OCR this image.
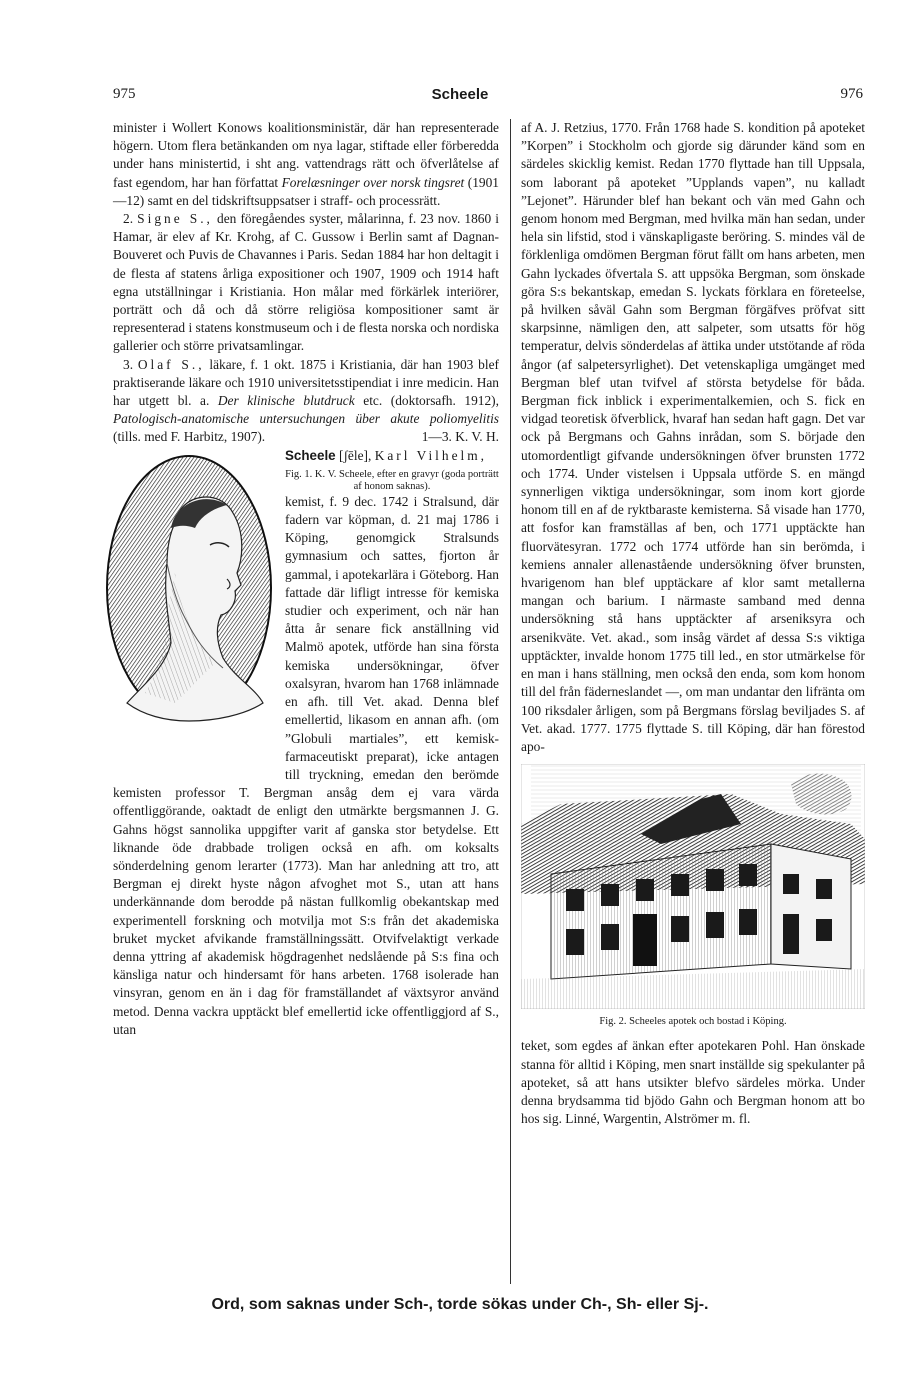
975	Scheele	976

minister i Wollert Konows koalitionsministär, där han representerade högern. Utom flera betänkanden om nya lagar, stiftade eller förberedda under hans ministertid, i sht ang. vattendrags rätt och öfverlåtelse af fast egendom, har han författat Forelæsninger over norsk tingsret (1901—12) samt en del tidskriftsuppsatser i straff- och processrätt.

2. Signe S., den föregåendes syster, målarinna, f. 23 nov. 1860 i Hamar, är elev af Kr. Krohg, af C. Gussow i Berlin samt af Dagnan-Bouveret och Puvis de Chavannes i Paris. Sedan 1884 har hon deltagit i de flesta af statens årliga expositioner och 1907, 1909 och 1914 haft egna utställningar i Kristiania. Hon målar med förkärlek interiörer, porträtt och då och då större religiösa kompositioner samt är representerad i statens konstmuseum och i de flesta norska och nordiska gallerier och större privatsamlingar.

3. Olaf S., läkare, f. 1 okt. 1875 i Kristiania, där han 1903 blef praktiserande läkare och 1910 universitetsstipendiat i inre medicin. Han har utgett bl. a. Der klinische blutdruck etc. (doktorsafh. 1912), Patologisch-anatomische untersuchungen über akute poliomyelitis (tills. med F. Harbitz, 1907).	1—3. K. V. H.

Scheele [ʃēle], Karl Vilhelm,

Fig. 1. K. V. Scheele, efter en gravyr (goda porträtt af honom saknas).
kemist, f. 9 dec. 1742 i Stralsund, där fadern var köpman, d. 21 maj 1786 i Köping, genomgick Stralsunds gymnasium och sattes, fjorton år gammal, i apotekarlära i Göteborg. Han fattade där lifligt intresse för kemiska studier och experiment, och när han åtta år senare fick anställning vid Malmö apotek, utförde han sina första kemiska undersökningar, öfver oxalsyran, hvarom han 1768 inlämnade en afh. till Vet. akad. Denna blef emellertid, likasom en annan afh. (om ”Globuli martiales”, ett kemisk-farmaceutiskt preparat), icke antagen till tryckning, emedan den berömde kemisten professor T. Bergman ansåg dem ej vara värda offentliggörande, oaktadt de enligt den utmärkte bergsmannen J. G. Gahns högst sannolika uppgifter varit af ganska stor betydelse. Ett liknande öde drabbade troligen också en afh. om koksalts sönderdelning genom lerarter (1773). Man har anledning att tro, att Bergman ej direkt hyste någon afvoghet mot S., utan att hans underkännande dom berodde på nästan fullkomlig obekantskap med experimentell forskning och motvilja mot S:s från det akademiska bruket mycket afvikande framställningssätt. Otvifvelaktigt verkade denna yttring af akademisk högdragenhet nedslående på S:s fina och känsliga natur och hindersamt för hans arbeten. 1768 isolerade han vinsyran, genom en än i dag för framställandet af växtsyror använd metod. Denna vackra upptäckt blef emellertid icke offentliggjord af S., utan

af A. J. Retzius, 1770. Från 1768 hade S. kondition på apoteket ”Korpen” i Stockholm och gjorde sig därunder känd som en särdeles skicklig kemist. Redan 1770 flyttade han till Uppsala, som laborant på apoteket ”Upplands vapen”, nu kalladt ”Lejonet”. Härunder blef han bekant och vän med Gahn och genom honom med Bergman, med hvilka män han sedan, under hela sin lifstid, stod i vänskapligaste beröring. S. mindes väl de förklenliga omdömen Bergman förut fällt om hans arbeten, men Gahn lyckades öfvertala S. att uppsöka Bergman, som önskade göra S:s bekantskap, emedan S. lyckats förklara en företeelse, på hvilken såväl Gahn som Bergman förgäfves pröfvat sitt skarpsinne, nämligen den, att salpeter, som utsatts för hög temperatur, delvis sönderdelas af ättika under utstötande af röda ångor (af salpetersyrlighet). Det vetenskapliga umgänget med Bergman blef utan tvifvel af största betydelse för båda. Bergman fick inblick i experimentalkemien, och S. fick en vidgad teoretisk öfverblick, hvaraf han sedan haft gagn. Det var ock på Bergmans och Gahns inrådan, som S. började den utomordentligt gifvande undersökningen öfver brunsten 1772 och 1774. Under vistelsen i Uppsala utförde S. en mängd synnerligen viktiga undersökningar, som inom kort gjorde honom till en af de ryktbaraste kemisterna. Så visade han 1770, att fosfor kan framställas af ben, och 1771 upptäckte han fluorvätesyran. 1772 och 1774 utförde han sin berömda, i kemiens annaler allenastående undersökning öfver brunsten, hvarigenom han blef upptäckare af klor samt metallerna mangan och barium. I närmaste samband med denna undersökning stå hans upptäckter af arseniksyra och arsenikväte. Vet. akad., som insåg värdet af dessa S:s viktiga upptäckter, invalde honom 1775 till led., en stor utmärkelse för en man i hans ställning, men också den enda, som kom honom till del från fäderneslandet —, om man undantar den lifränta om 100 riksdaler årligen, som på Bergmans förslag beviljades S. af Vet. akad. 1777. 1775 flyttade S. till Köping, där han förestod apo-

Fig. 2. Scheeles apotek och bostad i Köping.

teket, som egdes af änkan efter apotekaren Pohl. Han önskade stanna för alltid i Köping, men snart inställde sig spekulanter på apoteket, så att hans utsikter blefvo särdeles mörka. Under denna brydsamma tid bjödo Gahn och Bergman honom att bo hos sig. Linné, Wargentin, Alströmer m. fl.

Ord, som saknas under Sch-, torde sökas under Ch-, Sh- eller Sj-.
